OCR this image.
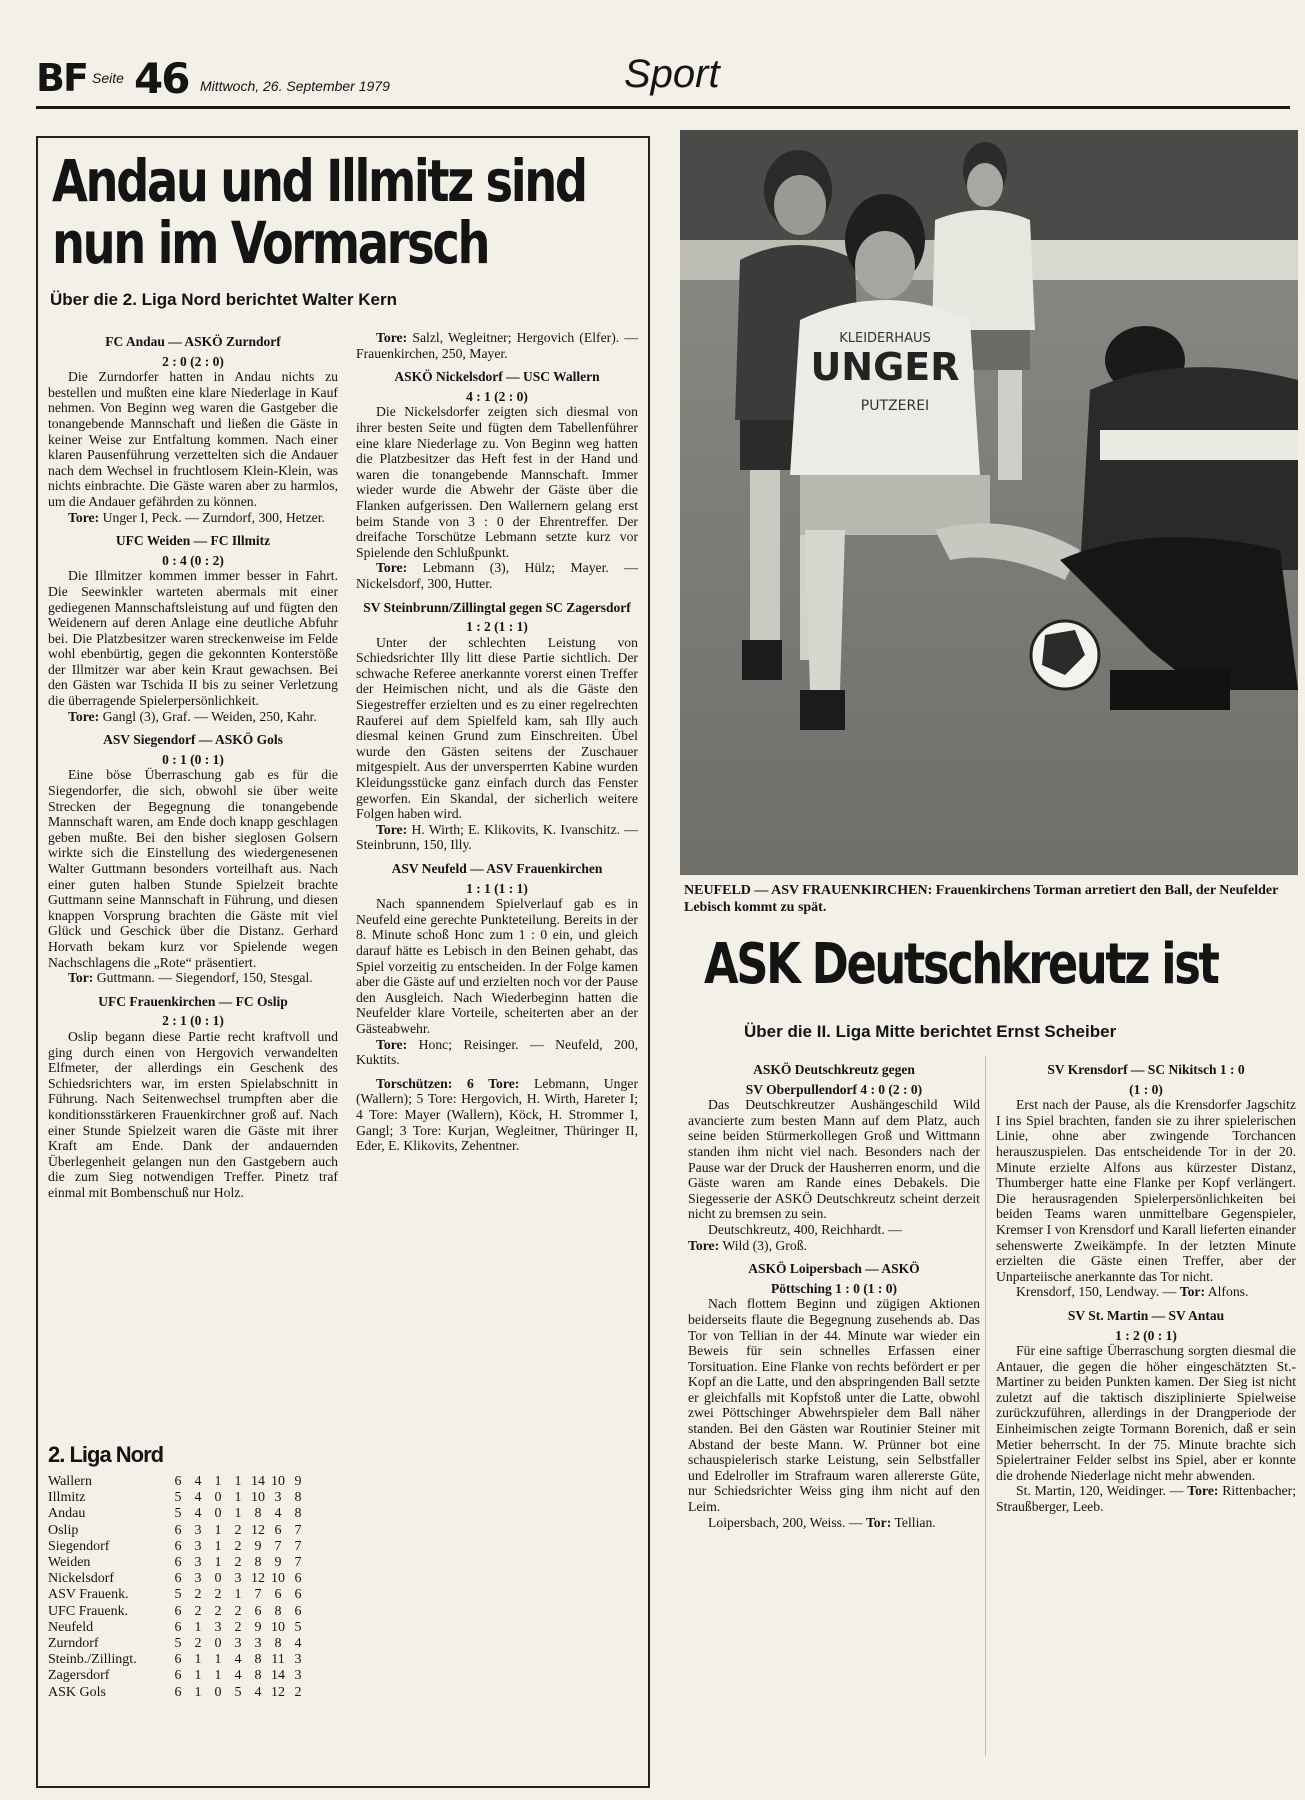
BF Seite 46 Mittwoch, 26. September 1979	Sport
Andau und Illmitz sind
nun im Vormarsch
Über die 2. Liga Nord berichtet Walter Kern
FC Andau — ASKÖ Zurndorf
2 : 0 (2 : 0)

Die Zurndorfer hatten in Andau nichts zu bestellen und mußten eine klare Niederlage in Kauf nehmen. Von Beginn weg waren die Gastgeber die tonangebende Mannschaft und ließen die Gäste in keiner Weise zur Entfaltung kommen. Nach einer klaren Pausenführung verzettelten sich die Andauer nach dem Wechsel in fruchtlosem Klein-Klein, was nichts einbrachte. Die Gäste waren aber zu harmlos, um die Andauer gefährden zu können.

Tore: Unger I, Peck. — Zurndorf, 300, Hetzer.

UFC Weiden — FC Illmitz
0 : 4 (0 : 2)

Die Illmitzer kommen immer besser in Fahrt. Die Seewinkler warteten abermals mit einer gediegenen Mannschaftsleistung auf und fügten den Weidenern auf deren Anlage eine deutliche Abfuhr bei. Die Platzbesitzer waren streckenweise im Felde wohl ebenbürtig, gegen die gekonnten Konterstöße der Illmitzer war aber kein Kraut gewachsen. Bei den Gästen war Tschida II bis zu seiner Verletzung die überragende Spielerpersönlichkeit.

Tore: Gangl (3), Graf. — Weiden, 250, Kahr.

ASV Siegendorf — ASKÖ Gols
0 : 1 (0 : 1)

Eine böse Überraschung gab es für die Siegendorfer, die sich, obwohl sie über weite Strecken der Begegnung die tonangebende Mannschaft waren, am Ende doch knapp geschlagen geben mußte. Bei den bisher sieglosen Golsern wirkte sich die Einstellung des wiedergenesenen Walter Guttmann besonders vorteilhaft aus. Nach einer guten halben Stunde Spielzeit brachte Guttmann seine Mannschaft in Führung, und diesen knappen Vorsprung brachten die Gäste mit viel Glück und Geschick über die Distanz. Gerhard Horvath bekam kurz vor Spielende wegen Nachschlagens die „Rote“ präsentiert.

Tor: Guttmann. — Siegendorf, 150, Stesgal.

UFC Frauenkirchen — FC Oslip
2 : 1 (0 : 1)

Oslip begann diese Partie recht kraftvoll und ging durch einen von Hergovich verwandelten Elfmeter, der allerdings ein Geschenk des Schiedsrichters war, im ersten Spielabschnitt in Führung. Nach Seitenwechsel trumpften aber die konditionsstärkeren Frauenkirchner groß auf. Nach einer Stunde Spielzeit waren die Gäste mit ihrer Kraft am Ende. Dank der andauernden Überlegenheit gelangen nun den Gastgebern auch die zum Sieg notwendigen Treffer. Pinetz traf einmal mit Bombenschuß nur Holz.

Tore: Salzl, Wegleitner; Hergovich (Elfer). — Frauenkirchen, 250, Mayer.

ASKÖ Nickelsdorf — USC Wallern
4 : 1 (2 : 0)

Die Nickelsdorfer zeigten sich diesmal von ihrer besten Seite und fügten dem Tabellenführer eine klare Niederlage zu. Von Beginn weg hatten die Platzbesitzer das Heft fest in der Hand und waren die tonangebende Mannschaft. Immer wieder wurde die Abwehr der Gäste über die Flanken aufgerissen. Den Wallernern gelang erst beim Stande von 3 : 0 der Ehrentreffer. Der dreifache Torschütze Lebmann setzte kurz vor Spielende den Schlußpunkt.

Tore: Lebmann (3), Hülz; Mayer. — Nickelsdorf, 300, Hutter.

SV Steinbrunn/Zillingtal gegen SC Zagersdorf
1 : 2 (1 : 1)

Unter der schlechten Leistung von Schiedsrichter Illy litt diese Partie sichtlich. Der schwache Referee anerkannte vorerst einen Treffer der Heimischen nicht, und als die Gäste den Siegestreffer erzielten und es zu einer regelrechten Rauferei auf dem Spielfeld kam, sah Illy auch diesmal keinen Grund zum Einschreiten. Übel wurde den Gästen seitens der Zuschauer mitgespielt. Aus der unversperrten Kabine wurden Kleidungsstücke ganz einfach durch das Fenster geworfen. Ein Skandal, der sicherlich weitere Folgen haben wird.

Tore: H. Wirth; E. Klikovits, K. Ivanschitz. — Steinbrunn, 150, Illy.

ASV Neufeld — ASV Frauenkirchen
1 : 1 (1 : 1)

Nach spannendem Spielverlauf gab es in Neufeld eine gerechte Punkteteilung. Bereits in der 8. Minute schoß Honc zum 1 : 0 ein, und gleich darauf hätte es Lebisch in den Beinen gehabt, das Spiel vorzeitig zu entscheiden. In der Folge kamen aber die Gäste auf und erzielten noch vor der Pause den Ausgleich. Nach Wiederbeginn hatten die Neufelder klare Vorteile, scheiterten aber an der Gästeabwehr.

Tore: Honc; Reisinger. — Neufeld, 200, Kuktits.

Torschützen: 6 Tore: Lebmann, Unger (Wallern); 5 Tore: Hergovich, H. Wirth, Hareter I; 4 Tore: Mayer (Wallern), Köck, H. Strommer I, Gangl; 3 Tore: Kurjan, Wegleitner, Thüringer II, Eder, E. Klikovits, Zehentner.

2. Liga Nord
Wallern	6	4	1	1	14	10	9
Illmitz	5	4	0	1	10	3	8
Andau	5	4	0	1	8	4	8
Oslip	6	3	1	2	12	6	7
Siegendorf	6	3	1	2	9	7	7
Weiden	6	3	1	2	8	9	7
Nickelsdorf	6	3	0	3	12	10	6
ASV Frauenk.	5	2	2	1	7	6	6
UFC Frauenk.	6	2	2	2	6	8	6
Neufeld	6	1	3	2	9	10	5
Zurndorf	5	2	0	3	3	8	4
Steinb./Zillingt.	6	1	1	4	8	11	3
Zagersdorf	6	1	1	4	8	14	3
ASK Gols	6	1	0	5	4	12	2
UNGER
KLEIDERHAUS
PUTZEREI
NEUFELD — ASV FRAUENKIRCHEN: Frauenkirchens Torman arretiert den Ball, der Neufelder Lebisch kommt zu spät.
ASK Deutschkreutz ist
Über die II. Liga Mitte berichtet Ernst Scheiber
ASKÖ Deutschkreutz gegen
SV Oberpullendorf 4 : 0 (2 : 0)

Das Deutschkreutzer Aushängeschild Wild avancierte zum besten Mann auf dem Platz, auch seine beiden Stürmerkollegen Groß und Wittmann standen ihm nicht viel nach. Besonders nach der Pause war der Druck der Hausherren enorm, und die Gäste waren am Rande eines Debakels. Die Siegesserie der ASKÖ Deutschkreutz scheint derzeit nicht zu bremsen zu sein.

Deutschkreutz, 400, Reichhardt. —

Tore: Wild (3), Groß.

ASKÖ Loipersbach — ASKÖ
Pöttsching 1 : 0 (1 : 0)

Nach flottem Beginn und zügigen Aktionen beiderseits flaute die Begegnung zusehends ab. Das Tor von Tellian in der 44. Minute war wieder ein Beweis für sein schnelles Erfassen einer Torsituation. Eine Flanke von rechts befördert er per Kopf an die Latte, und den abspringenden Ball setzte er gleichfalls mit Kopfstoß unter die Latte, obwohl zwei Pöttschinger Abwehrspieler dem Ball näher standen. Bei den Gästen war Routinier Steiner mit Abstand der beste Mann. W. Prünner bot eine schauspielerisch starke Leistung, sein Selbstfaller und Edelroller im Strafraum waren allererste Güte, nur Schiedsrichter Weiss ging ihm nicht auf den Leim.

Loipersbach, 200, Weiss. — Tor: Tellian.

SV Krensdorf — SC Nikitsch 1 : 0
(1 : 0)

Erst nach der Pause, als die Krensdorfer Jagschitz I ins Spiel brachten, fanden sie zu ihrer spielerischen Linie, ohne aber zwingende Torchancen herauszuspielen. Das entscheidende Tor in der 20. Minute erzielte Alfons aus kürzester Distanz, Thumberger hatte eine Flanke per Kopf verlängert. Die herausragenden Spielerpersönlichkeiten bei beiden Teams waren unmittelbare Gegenspieler, Kremser I von Krensdorf und Karall lieferten einander sehenswerte Zweikämpfe. In der letzten Minute erzielten die Gäste einen Treffer, aber der Unparteiische anerkannte das Tor nicht.

Krensdorf, 150, Lendway. — Tor: Alfons.

SV St. Martin — SV Antau
1 : 2 (0 : 1)

Für eine saftige Überraschung sorgten diesmal die Antauer, die gegen die höher eingeschätzten St.-Martiner zu beiden Punkten kamen. Der Sieg ist nicht zuletzt auf die taktisch disziplinierte Spielweise zurückzuführen, allerdings in der Drangperiode der Einheimischen zeigte Tormann Borenich, daß er sein Metier beherrscht. In der 75. Minute brachte sich Spielertrainer Felder selbst ins Spiel, aber er konnte die drohende Niederlage nicht mehr abwenden.

St. Martin, 120, Weidinger. — Tore: Rittenbacher; Straußberger, Leeb.
